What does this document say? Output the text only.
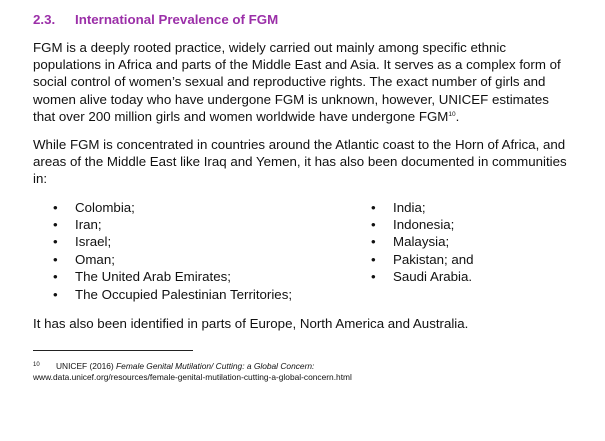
2.3. International Prevalence of FGM

FGM is a deeply rooted practice, widely carried out mainly among specific ethnic populations in Africa and parts of the Middle East and Asia. It serves as a complex form of social control of women’s sexual and reproductive rights. The exact number of girls and women alive today who have undergone FGM is unknown, however, UNICEF estimates that over 200 million girls and women worldwide have undergone FGM$^{10}$.

While FGM is concentrated in countries around the Atlantic coast to the Horn of Africa, and areas of the Middle East like Iraq and Yemen, it has also been documented in communities in:

• Colombia;
• Iran;
• Israel;
• Oman;
• The United Arab Emirates;
• The Occupied Palestinian Territories;
• India;
• Indonesia;
• Malaysia;
• Pakistan; and
• Saudi Arabia.

It has also been identified in parts of Europe, North America and Australia.

10 UNICEF (2016) Female Genital Mutilation/ Cutting: a Global Concern:
www.data.unicef.org/resources/female-genital-mutilation-cutting-a-global-concern.html
